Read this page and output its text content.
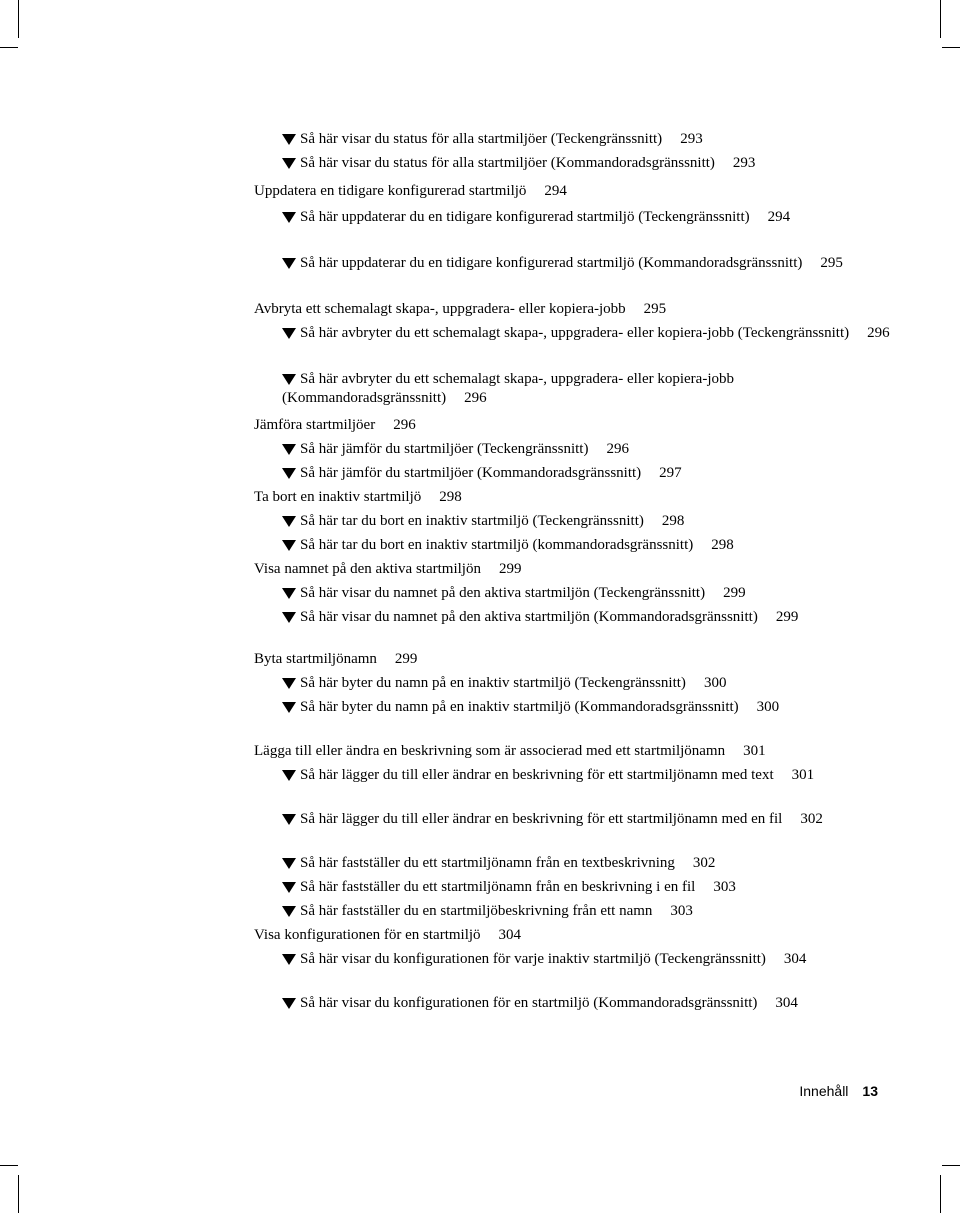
Så här visar du status för alla startmiljöer (Teckengränssnitt) 293
Så här visar du status för alla startmiljöer (Kommandoradsgränssnitt) 293
Uppdatera en tidigare konfigurerad startmiljö 294
Så här uppdaterar du en tidigare konfigurerad startmiljö (Teckengränssnitt) 294
Så här uppdaterar du en tidigare konfigurerad startmiljö (Kommandoradsgränssnitt) 295
Avbryta ett schemalagt skapa-, uppgradera- eller kopiera-jobb 295
Så här avbryter du ett schemalagt skapa-, uppgradera- eller kopiera-jobb (Teckengränssnitt) 296
Så här avbryter du ett schemalagt skapa-, uppgradera- eller kopiera-jobb (Kommandoradsgränssnitt) 296
Jämföra startmiljöer 296
Så här jämför du startmiljöer (Teckengränssnitt) 296
Så här jämför du startmiljöer (Kommandoradsgränssnitt) 297
Ta bort en inaktiv startmiljö 298
Så här tar du bort en inaktiv startmiljö (Teckengränssnitt) 298
Så här tar du bort en inaktiv startmiljö (kommandoradsgränssnitt) 298
Visa namnet på den aktiva startmiljön 299
Så här visar du namnet på den aktiva startmiljön (Teckengränssnitt) 299
Så här visar du namnet på den aktiva startmiljön (Kommandoradsgränssnitt) 299
Byta startmiljönamn 299
Så här byter du namn på en inaktiv startmiljö (Teckengränssnitt) 300
Så här byter du namn på en inaktiv startmiljö (Kommandoradsgränssnitt) 300
Lägga till eller ändra en beskrivning som är associerad med ett startmiljönamn 301
Så här lägger du till eller ändrar en beskrivning för ett startmiljönamn med text 301
Så här lägger du till eller ändrar en beskrivning för ett startmiljönamn med en fil 302
Så här fastställer du ett startmiljönamn från en textbeskrivning 302
Så här fastställer du ett startmiljönamn från en beskrivning i en fil 303
Så här fastställer du en startmiljöbeskrivning från ett namn 303
Visa konfigurationen för en startmiljö 304
Så här visar du konfigurationen för varje inaktiv startmiljö (Teckengränssnitt) 304
Så här visar du konfigurationen för en startmiljö (Kommandoradsgränssnitt) 304
Innehåll 13
